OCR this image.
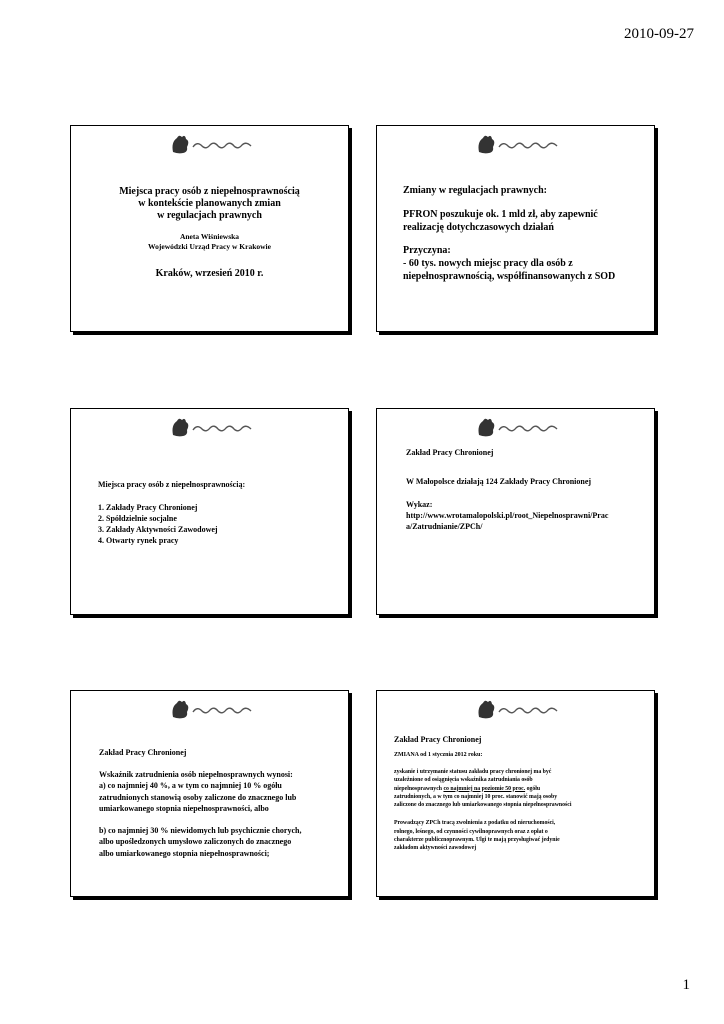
2010-09-27
Miejsca pracy osób z niepełnosprawnością
w kontekście planowanych zmian
w regulacjach prawnych
Aneta Wiśniewska
Wojewódzki Urząd Pracy w Krakowie
Kraków, wrzesień 2010 r.
Zmiany w regulacjach prawnych:
PFRON poszukuje ok. 1 mld zł, aby zapewnić
realizację dotychczasowych działań
Przyczyna:
- 60 tys. nowych miejsc pracy dla osób z
niepełnosprawnością, współfinansowanych z SOD
Miejsca pracy osób z niepełnosprawnością:
1. Zakłady Pracy Chronionej
2. Spółdzielnie socjalne
3. Zakłady Aktywności Zawodowej
4. Otwarty rynek pracy
Zakład Pracy Chronionej
W Małopolsce działają 124 Zakłady Pracy Chronionej
Wykaz:
http://www.wrotamalopolski.pl/root_Niepelnosprawni/Prac
a/Zatrudnianie/ZPCh/
Zakład Pracy Chronionej
Wskaźnik zatrudnienia osób niepełnosprawnych wynosi:
a) co najmniej 40 %, a w tym co najmniej 10 % ogółu
zatrudnionych stanowią osoby zaliczone do znacznego lub
umiarkowanego stopnia niepełnosprawności, albo
b) co najmniej 30 % niewidomych lub psychicznie chorych,
albo upośledzonych umysłowo zaliczonych do znacznego
albo umiarkowanego stopnia niepełnosprawności;
Zakład Pracy Chronionej
ZMIANA od 1 stycznia 2012 roku:
zyskanie i utrzymanie statusu zakładu pracy chronionej ma być
uzależnione od osiągnięcia wskaźnika zatrudniania osób
niepełnosprawnych co najmniej na poziomie 50 proc. ogółu
zatrudnionych, a w tym co najmniej 10 proc. stanowić mają osoby
zaliczone do znacznego lub umiarkowanego stopnia niepełnosprawności
Prowadzący ZPCh tracą zwolnienia z podatku od nieruchomości,
rolnego, leśnego, od czynności cywilnoprawnych oraz z opłat o
charakterze publicznoprawnym. Ulgi te mają przysługiwać jedynie
zakładom aktywności zawodowej
1
